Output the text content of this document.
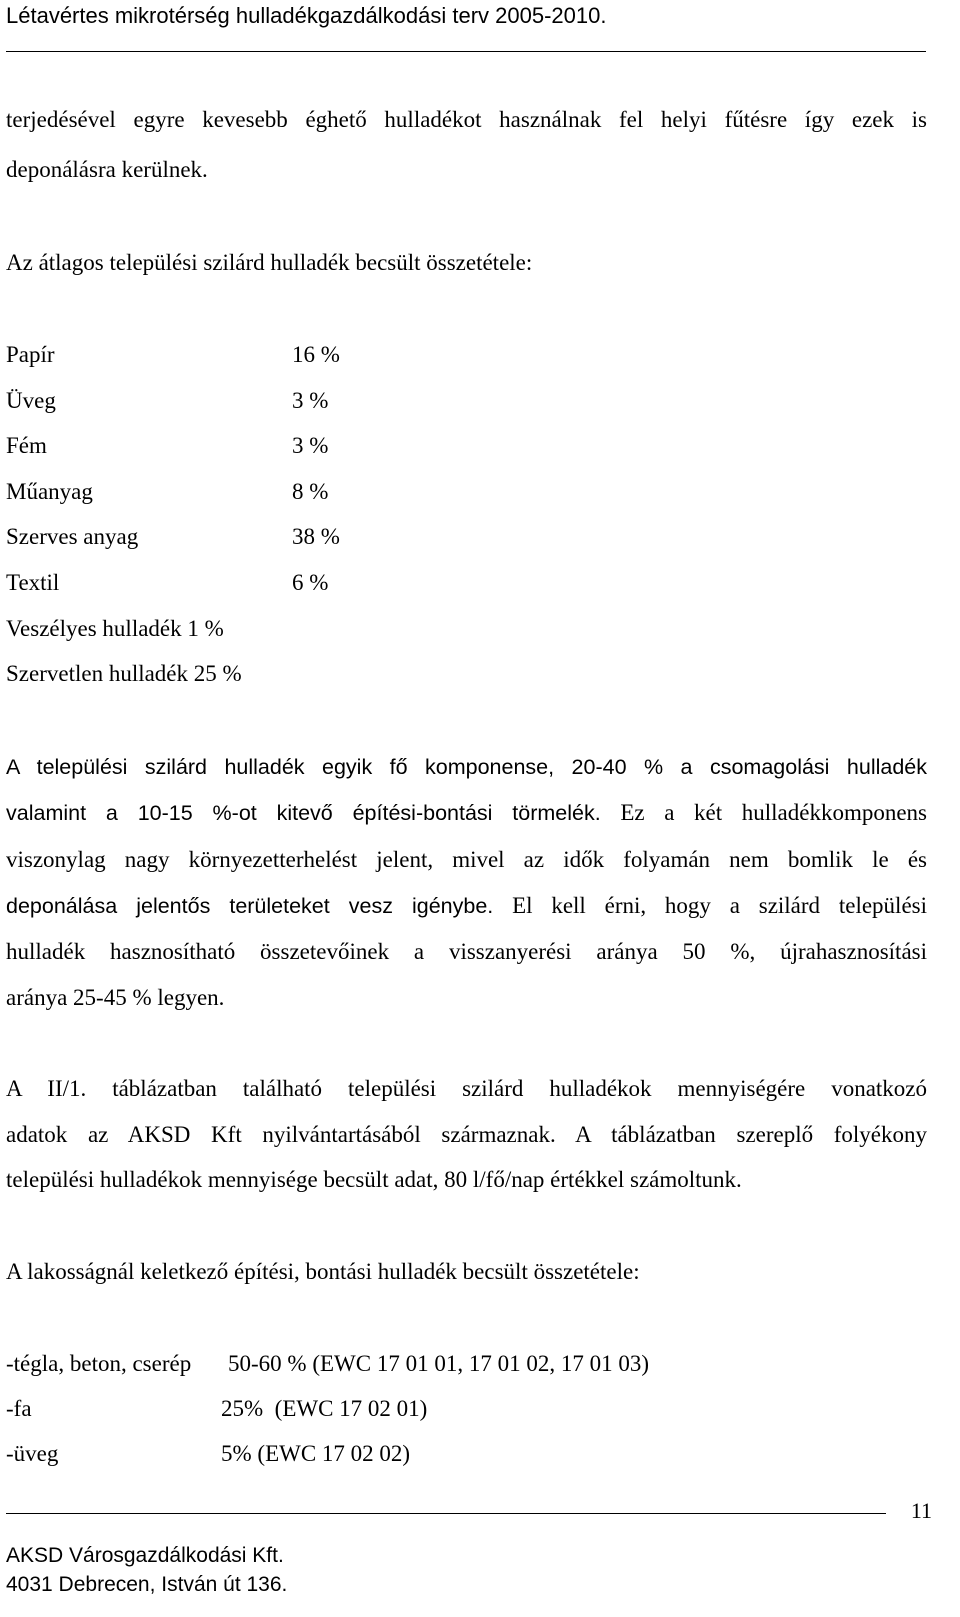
Létavértes mikrotérség hulladékgazdálkodási terv 2005-2010.
terjedésével egyre kevesebb éghető hulladékot használnak fel helyi fűtésre így ezek is
deponálásra kerülnek.
Az átlagos települési szilárd hulladék becsült összetétele:
Papír	16 %
Üveg	3 %
Fém	3 %
Műanyag	8 %
Szerves anyag	38 %
Textil	6 %
Veszélyes hulladék 1 %
Szervetlen hulladék 25 %
A települési szilárd hulladék egyik fő komponense, 20-40 % a csomagolási hulladék
valamint a 10-15 %-ot kitevő építési-bontási törmelék. Ez a két hulladékkomponens
viszonylag nagy környezetterhelést jelent, mivel az idők folyamán nem bomlik le és
deponálása jelentős területeket vesz igénybe. El kell érni, hogy a szilárd települési
hulladék hasznosítható összetevőinek a visszanyerési aránya 50 %, újrahasznosítási
aránya 25-45 % legyen.
A II/1. táblázatban található települési szilárd hulladékok mennyiségére vonatkozó
adatok az AKSD Kft nyilvántartásából származnak. A táblázatban szereplő folyékony
települési hulladékok mennyisége becsült adat, 80 l/fő/nap értékkel számoltunk.
A lakosságnál keletkező építési, bontási hulladék becsült összetétele:
-tégla, beton, cserép 50-60 % (EWC 17 01 01, 17 01 02, 17 01 03)
-fa	25%  (EWC 17 02 01)
-üveg	5% (EWC 17 02 02)
11
AKSD Városgazdálkodási Kft.
4031 Debrecen, István út 136.
